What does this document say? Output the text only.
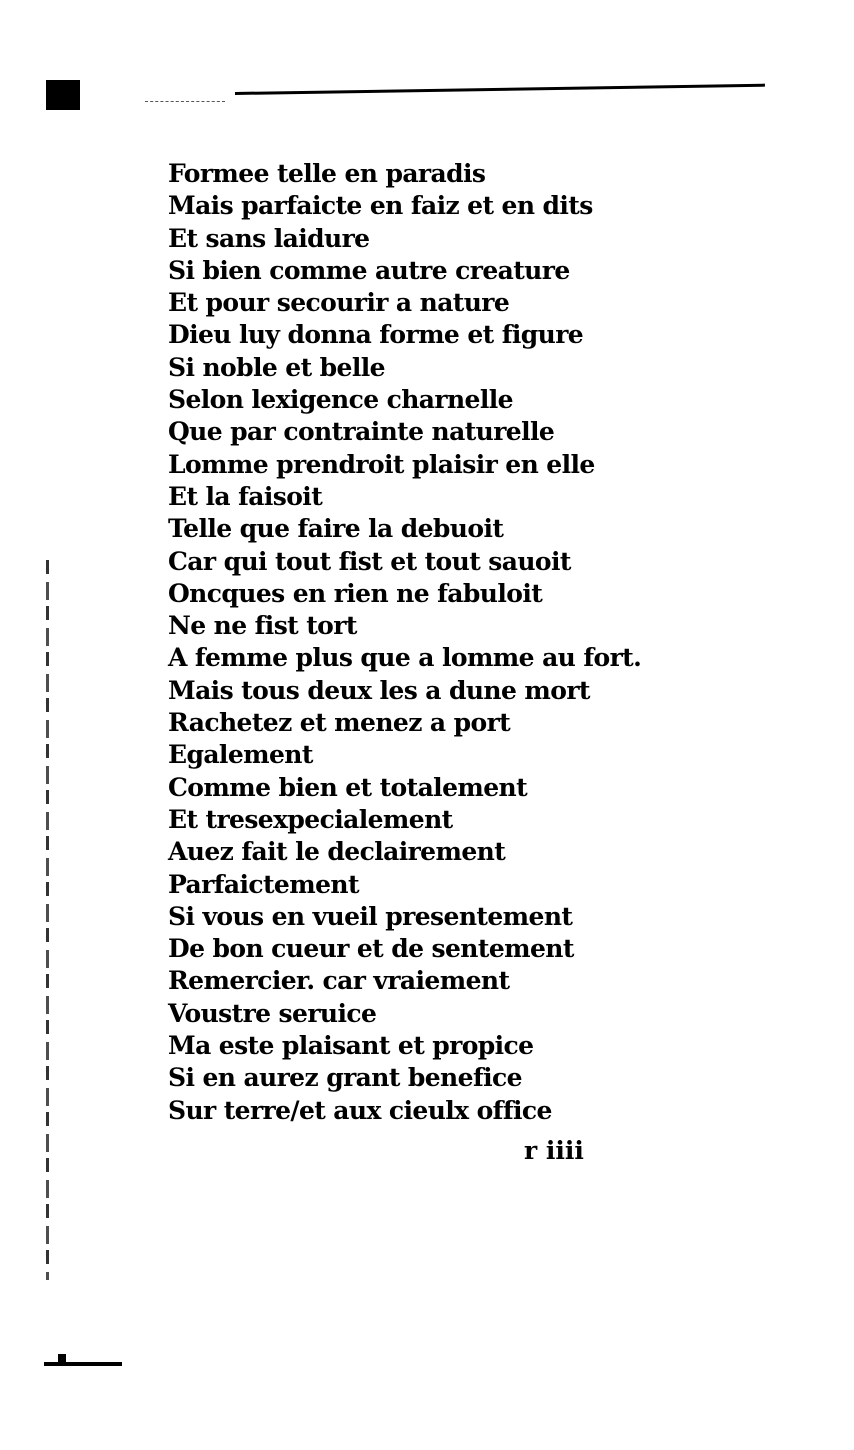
Formee telle en paradis
Mais parfaicte en faiz et en dits
Et sans laidure
Si bien comme autre creature
Et pour secourir a nature
Dieu luy donna forme et figure
Si noble et belle
Selon lexigence charnelle
Que par contrainte naturelle
Lomme prendroit plaisir en elle
Et la faisoit
Telle que faire la debuoit
Car qui tout fist et tout sauoit
Oncques en rien ne fabuloit
Ne ne fist tort
A femme plus que a lomme au fort.
Mais tous deux les a dune mort
Rachetez et menez a port
Egalement
Comme bien et totalement
Et tresexpecialement
Auez fait le declairement
Parfaictement
Si vous en vueil presentement
De bon cueur et de sentement
Remercier. car vraiement
Voustre seruice
Ma este plaisant et propice
Si en aurez grant benefice
Sur terre/et aux cieulx office
r iiii
